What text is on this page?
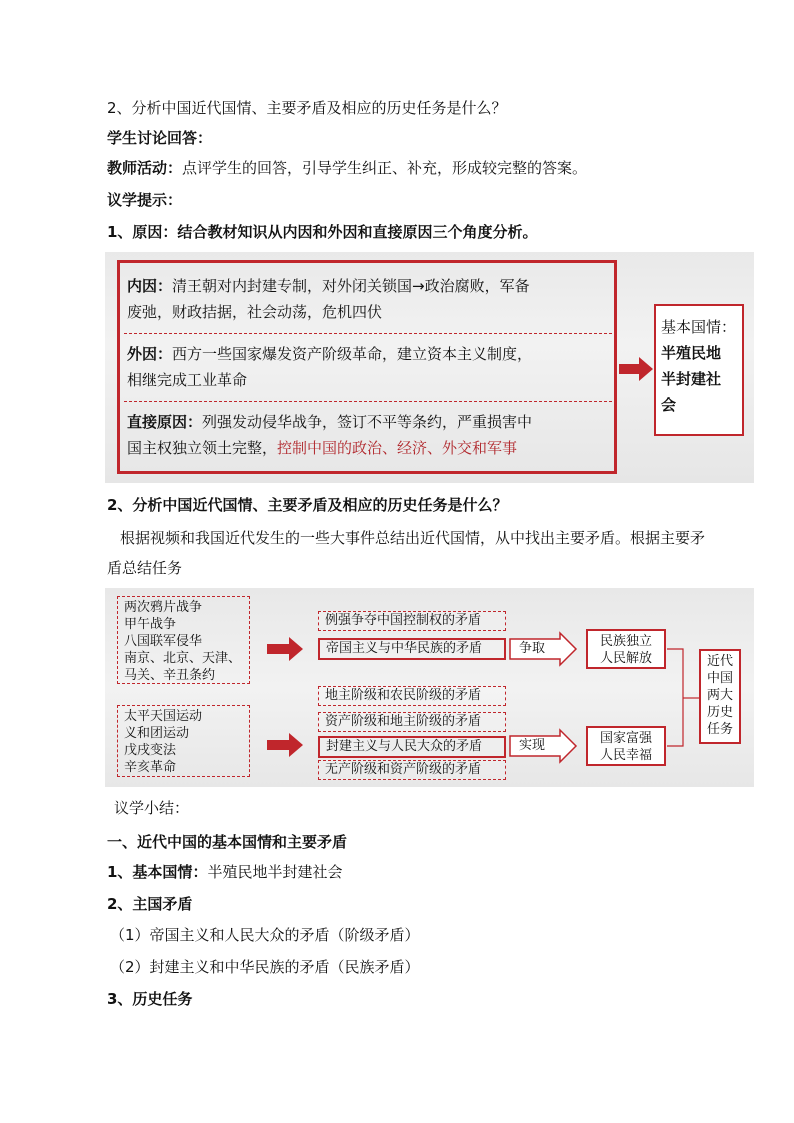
2、分析中国近代国情、主要矛盾及相应的历史任务是什么？
学生讨论回答：
教师活动：点评学生的回答，引导学生纠正、补充，形成较完整的答案。
议学提示：
1、原因：结合教材知识从内因和外因和直接原因三个角度分析。
内因：清王朝对内封建专制，对外闭关锁国→政治腐败，军备
废弛，财政拮据，社会动荡，危机四伏
外因：西方一些国家爆发资产阶级革命，建立资本主义制度，
相继完成工业革命
直接原因：列强发动侵华战争，签订不平等条约，严重损害中
国主权独立领土完整，控制中国的政治、经济、外交和军事
基本国情：
半殖民地
半封建社
会
2、分析中国近代国情、主要矛盾及相应的历史任务是什么？
根据视频和我国近代发生的一些大事件总结出近代国情，从中找出主要矛盾。根据主要矛
盾总结任务
两次鸦片战争
甲午战争
八国联军侵华
南京、北京、天津、
马关、辛丑条约
太平天国运动
义和团运动
戊戌变法
辛亥革命
例强争夺中国控制权的矛盾
帝国主义与中华民族的矛盾
地主阶级和农民阶级的矛盾
资产阶级和地主阶级的矛盾
封建主义与人民大众的矛盾
无产阶级和资产阶级的矛盾
争取
实现
民族独立
人民解放
国家富强
人民幸福
近代
中国
两大
历史
任务
议学小结：
一、近代中国的基本国情和主要矛盾
1、基本国情：半殖民地半封建社会
2、主国矛盾
（1）帝国主义和人民大众的矛盾（阶级矛盾）
（2）封建主义和中华民族的矛盾（民族矛盾）
3、历史任务
